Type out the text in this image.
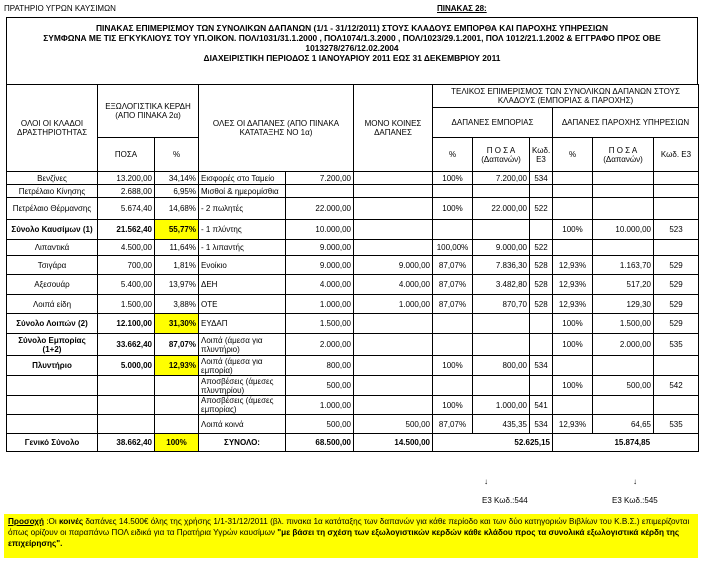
ΠΡΑΤΗΡΙΟ ΥΓΡΩΝ ΚΑΥΣΙΜΩΝ	ΠΙΝΑΚΑΣ 28:
ΠΙΝΑΚΑΣ ΕΠΙΜΕΡΙΣΜΟΥ ΤΩΝ ΣΥΝΟΛΙΚΩΝ ΔΑΠΑΝΩΝ (1/1 - 31/12/2011) ΣΤΟΥΣ ΚΛΑΔΟΥΣ ΕΜΠΟΡΘΑ ΚΑΙ ΠΑΡΟΧΗΣ ΥΠΗΡΕΣΙΩΝ
ΣΥΜΦΩΝΑ ΜΕ ΤΙΣ ΕΓΚΥΚΛΙΟΥΣ ΤΟΥ ΥΠ.ΟΙΚΟΝ. ΠΟΛ/1031/31.1.2000 , ΠΟΛ1074/1.3.2000 , ΠΟΛ/1023/29.1.2001, ΠΟΛ 1012/21.1.2002 & ΕΓΓΡΑΦΟ ΠΡΟΣ ΟΒΕ 1013278/276/12.02.2004
ΔΙΑΧΕΙΡΙΣΤΙΚΗ ΠΕΡΙΟΔΟΣ 1 ΙΑΝΟΥΑΡΙΟΥ 2011 ΕΩΣ 31 ΔΕΚΕΜΒΡΙΟΥ 2011
ΟΛΟΙ ΟΙ ΚΛΑΔΟΙ ΔΡΑΣΤΗΡΙΟΤΗΤΑΣ	ΕΞΩΛΟΓΙΣΤΙΚΑ ΚΕΡΔΗ (ΑΠΟ ΠΙΝΑΚΑ 2α)		ΟΛΕΣ ΟΙ ΔΑΠΑΝΕΣ (ΑΠΟ ΠΙΝΑΚΑ ΚΑΤΑΤΑΞΗΣ ΝΟ 1α)		ΜΟΝΟ ΚΟΙΝΕΣ ΔΑΠΑΝΕΣ	ΤΕΛΙΚΟΣ ΕΠΙΜΕΡΙΣΜΟΣ ΤΩΝ ΣΥΝΟΛΙΚΩΝ ΔΑΠΑΝΩΝ ΣΤΟΥΣ ΚΛΑΔΟΥΣ (ΕΜΠΟΡΙΑΣ & ΠΑΡΟΧΗΣ)					
						ΔΑΠΑΝΕΣ ΕΜΠΟΡΙΑΣ			ΔΑΠΑΝΕΣ ΠΑΡΟΧΗΣ ΥΠΗΡΕΣΙΩΝ		
	ΠΟΣΑ	%				%	Π Ο Σ Α (Δαπανών)	Κωδ. Ε3	%	Π Ο Σ Α (Δαπανών)	Κωδ. Ε3
Βενζίνες	13.200,00	34,14%	Εισφορές στο Ταμείο	7.200,00		100%	7.200,00	534			
Πετρέλαιο Κίνησης	2.688,00	6,95%	Μισθοί & ημερομίσθια								
Πετρέλαιο Θέρμανσης	5.674,40	14,68%	- 2 πωλητές	22.000,00		100%	22.000,00	522			
Σύνολο Καυσίμων (1)	21.562,40	55,77%	- 1 πλύντης	10.000,00					100%	10.000,00	523
Λιπαντικά	4.500,00	11,64%	- 1 λιπαντής	9.000,00		100,00%	9.000,00	522			
Τσιγάρα	700,00	1,81%	Ενοίκιο	9.000,00	9.000,00	87,07%	7.836,30	528	12,93%	1.163,70	529
Αξεσουάρ	5.400,00	13,97%	ΔΕΗ	4.000,00	4.000,00	87,07%	3.482,80	528	12,93%	517,20	529
Λοιπά είδη	1.500,00	3,88%	ΟΤΕ	1.000,00	1.000,00	87,07%	870,70	528	12,93%	129,30	529
Σύνολο Λοιπών (2)	12.100,00	31,30%	ΕΥΔΑΠ	1.500,00					100%	1.500,00	529
Σύνολο Εμπορίας (1+2)	33.662,40	87,07%	Λοιπά (άμεσα για πλυντήριο)	2.000,00					100%	2.000,00	535
Πλυντήριο	5.000,00	12,93%	Λοιπά (άμεσα για εμπορία)	800,00		100%	800,00	534			
			Αποσβέσεις (άμεσες πλυντηρίου)	500,00					100%	500,00	542
			Αποσβέσεις (άμεσες εμπορίας)	1.000,00		100%	1.000,00	541			
			Λοιπά κοινά	500,00	500,00	87,07%	435,35	534	12,93%	64,65	535
Γενικό Σύνολο	38.662,40	100%	ΣΥΝΟΛΟ:	68.500,00	14.500,00	52.625,15			15.874,85		
↓	↓
Ε3 Κωδ.:544	Ε3 Κωδ.:545
Προσοχή :Οι κοινές δαπάνες 14.500€ όλης της χρήσης 1/1-31/12/2011 (βλ. πινακα 1α κατάταξης των δαπανών για κάθε περίοδο και των δύο κατηγοριών Βιβλίων του Κ.Β.Σ.) επιμερίζονται όπως ορίζουν οι παραπάνω ΠΟΛ ειδικά για τα Πρατήρια Υγρών καυσίμων "με βάσει τη σχέση των εξωλογιστικών κερδών κάθε κλάδου προς τα συνολικά εξωλογιστικά κέρδη της επιχείρησης".
